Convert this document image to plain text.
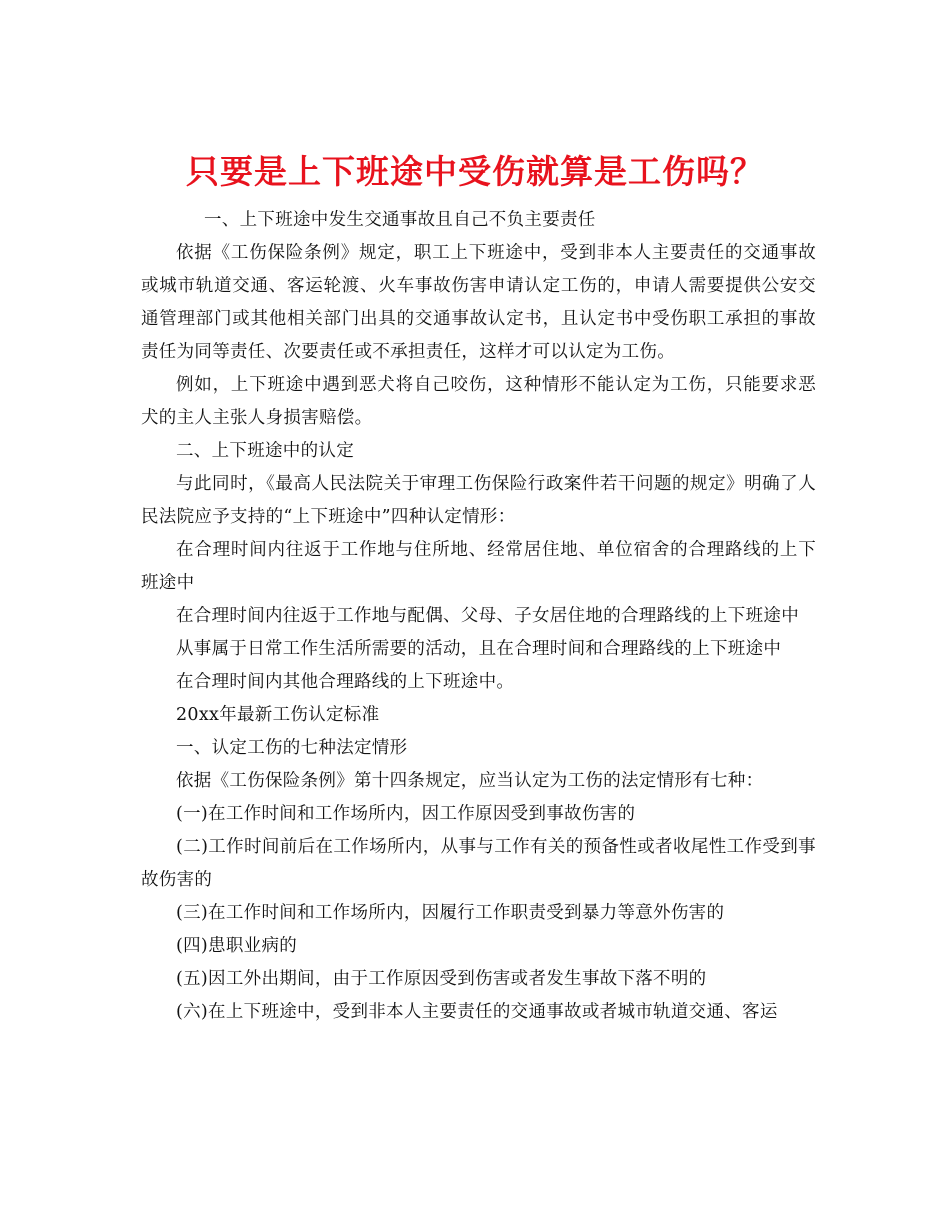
只要是上下班途中受伤就算是工伤吗？

一、上下班途中发生交通事故且自己不负主要责任

依据《工伤保险条例》规定，职工上下班途中，受到非本人主要责任的交通事故或城市轨道交通、客运轮渡、火车事故伤害申请认定工伤的，申请人需要提供公安交通管理部门或其他相关部门出具的交通事故认定书，且认定书中受伤职工承担的事故责任为同等责任、次要责任或不承担责任，这样才可以认定为工伤。

例如，上下班途中遇到恶犬将自己咬伤，这种情形不能认定为工伤，只能要求恶犬的主人主张人身损害赔偿。

二、上下班途中的认定

与此同时，《最高人民法院关于审理工伤保险行政案件若干问题的规定》明确了人民法院应予支持的“上下班途中”四种认定情形：

在合理时间内往返于工作地与住所地、经常居住地、单位宿舍的合理路线的上下班途中

在合理时间内往返于工作地与配偶、父母、子女居住地的合理路线的上下班途中

从事属于日常工作生活所需要的活动，且在合理时间和合理路线的上下班途中

在合理时间内其他合理路线的上下班途中。

20xx年最新工伤认定标准

一、认定工伤的七种法定情形

依据《工伤保险条例》第十四条规定，应当认定为工伤的法定情形有七种：

(一)在工作时间和工作场所内，因工作原因受到事故伤害的

(二)工作时间前后在工作场所内，从事与工作有关的预备性或者收尾性工作受到事故伤害的

(三)在工作时间和工作场所内，因履行工作职责受到暴力等意外伤害的

(四)患职业病的

(五)因工外出期间，由于工作原因受到伤害或者发生事故下落不明的

(六)在上下班途中，受到非本人主要责任的交通事故或者城市轨道交通、客运
